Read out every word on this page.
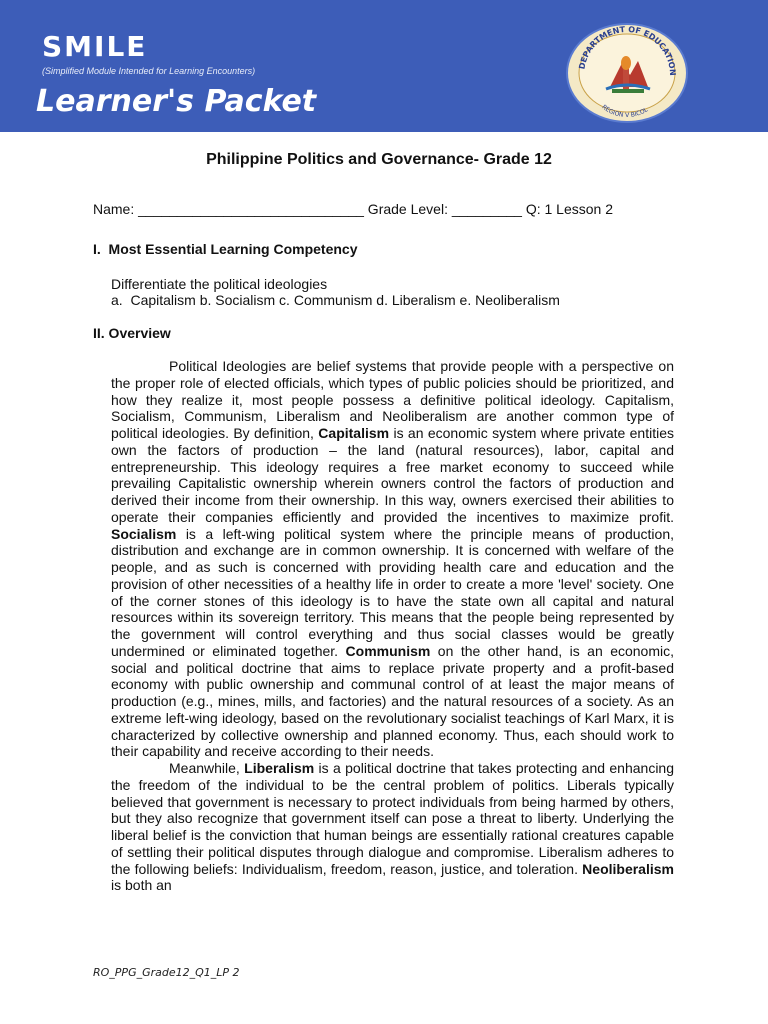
SMILE
(Simplified Module Intended for Learning Encounters)
Learner's Packet
DEPARTMENT OF EDUCATION
REGION V BICOL
Philippine Politics and Governance- Grade 12
Name: _____________________________ Grade Level: _________ Q: 1 Lesson 2
I.  Most Essential Learning Competency
Differentiate the political ideologies
a.  Capitalism b. Socialism c. Communism d. Liberalism e. Neoliberalism
II. Overview

Political Ideologies are belief systems that provide people with a perspective on the proper role of elected officials, which types of public policies should be prioritized, and how they realize it, most people possess a definitive political ideology. Capitalism, Socialism, Communism, Liberalism and Neoliberalism are another common type of political ideologies. By definition, Capitalism is an economic system where private entities own the factors of production – the land (natural resources), labor, capital and entrepreneurship. This ideology requires a free market economy to succeed while prevailing Capitalistic ownership wherein owners control the factors of production and derived their income from their ownership. In this way, owners exercised their abilities to operate their companies efficiently and provided the incentives to maximize profit. Socialism is a left-wing political system where the principle means of production, distribution and exchange are in common ownership. It is concerned with welfare of the people, and as such is concerned with providing health care and education and the provision of other necessities of a healthy life in order to create a more 'level' society. One of the corner stones of this ideology is to have the state own all capital and natural resources within its sovereign territory. This means that the people being represented by the government will control everything and thus social classes would be greatly undermined or eliminated together. Communism on the other hand, is an economic, social and political doctrine that aims to replace private property and a profit-based economy with public ownership and communal control of at least the major means of production (e.g., mines, mills, and factories) and the natural resources of a society. As an extreme left-wing ideology, based on the revolutionary socialist teachings of Karl Marx, it is characterized by collective ownership and planned economy. Thus, each should work to their capability and receive according to their needs.

Meanwhile, Liberalism is a political doctrine that takes protecting and enhancing the freedom of the individual to be the central problem of politics. Liberals typically believed that government is necessary to protect individuals from being harmed by others, but they also recognize that government itself can pose a threat to liberty. Underlying the liberal belief is the conviction that human beings are essentially rational creatures capable of settling their political disputes through dialogue and compromise. Liberalism adheres to the following beliefs: Individualism, freedom, reason, justice, and toleration. Neoliberalism is both an

RO_PPG_Grade12_Q1_LP 2
